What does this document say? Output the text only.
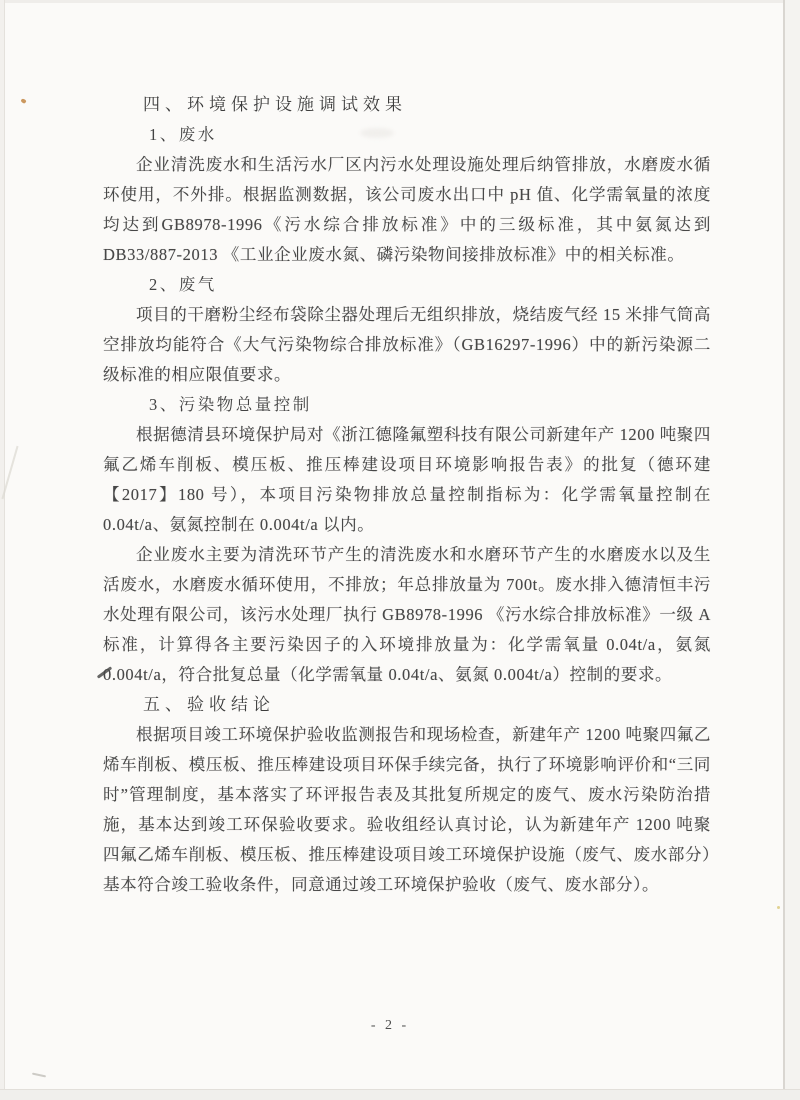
四、环境保护设施调试效果

1、废水

企业清洗废水和生活污水厂区内污水处理设施处理后纳管排放，水磨废水循环使用，不外排。根据监测数据，该公司废水出口中 pH 值、化学需氧量的浓度均达到GB8978-1996《污水综合排放标准》中的三级标准，其中氨氮达到 DB33/887-2013 《工业企业废水氮、磷污染物间接排放标准》中的相关标准。

2、废气

项目的干磨粉尘经布袋除尘器处理后无组织排放，烧结废气经 15 米排气筒高空排放均能符合《大气污染物综合排放标准》（GB16297-1996）中的新污染源二级标准的相应限值要求。

3、污染物总量控制

根据德清县环境保护局对《浙江德隆氟塑科技有限公司新建年产 1200 吨聚四氟乙烯车削板、模压板、推压棒建设项目环境影响报告表》的批复（德环建【2017】180 号），本项目污染物排放总量控制指标为：化学需氧量控制在 0.04t/a、氨氮控制在 0.004t/a 以内。

企业废水主要为清洗环节产生的清洗废水和水磨环节产生的水磨废水以及生活废水，水磨废水循环使用，不排放；年总排放量为 700t。废水排入德清恒丰污水处理有限公司，该污水处理厂执行 GB8978-1996 《污水综合排放标准》一级 A 标准，计算得各主要污染因子的入环境排放量为：化学需氧量 0.04t/a，氨氮 0.004t/a，符合批复总量（化学需氧量 0.04t/a、氨氮 0.004t/a）控制的要求。

五、验收结论

根据项目竣工环境保护验收监测报告和现场检查，新建年产 1200 吨聚四氟乙烯车削板、模压板、推压棒建设项目环保手续完备，执行了环境影响评价和“三同时”管理制度，基本落实了环评报告表及其批复所规定的废气、废水污染防治措施，基本达到竣工环保验收要求。验收组经认真讨论，认为新建年产 1200 吨聚四氟乙烯车削板、模压板、推压棒建设项目竣工环境保护设施（废气、废水部分）基本符合竣工验收条件，同意通过竣工环境保护验收（废气、废水部分）。

- 2 -
